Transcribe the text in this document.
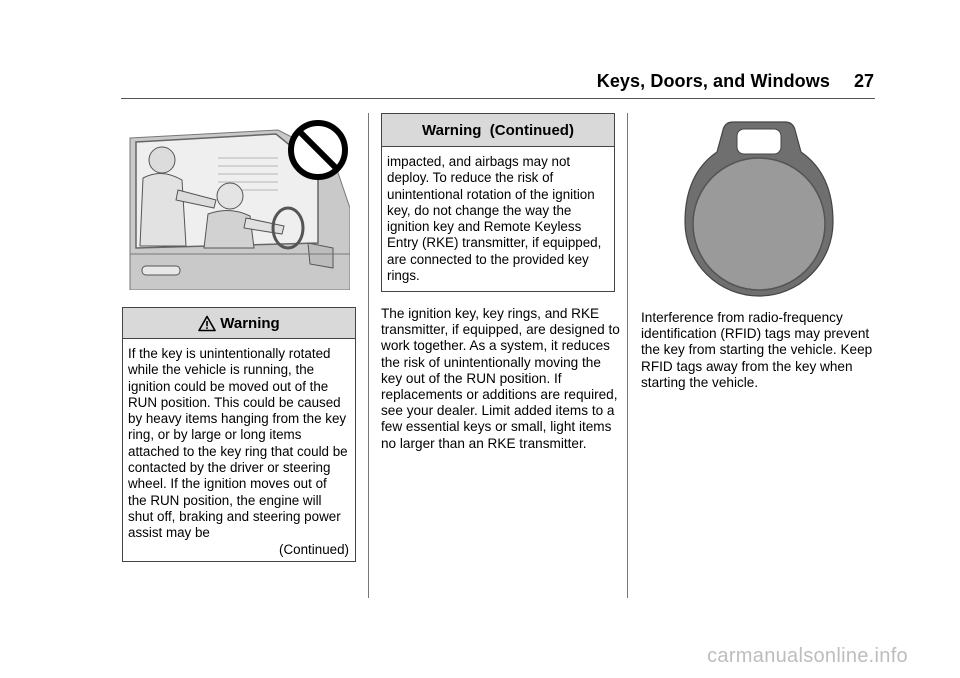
Keys, Doors, and Windows 27
Warning
If the key is unintentionally rotated while the vehicle is running, the ignition could be moved out of the RUN position. This could be caused by heavy items hanging from the key ring, or by large or long items attached to the key ring that could be contacted by the driver or steering wheel. If the ignition moves out of the RUN position, the engine will shut off, braking and steering power assist may be
(Continued)
Warning  (Continued)
impacted, and airbags may not deploy. To reduce the risk of unintentional rotation of the ignition key, do not change the way the ignition key and Remote Keyless Entry (RKE) transmitter, if equipped, are connected to the provided key rings.

The ignition key, key rings, and RKE transmitter, if equipped, are designed to work together. As a system, it reduces the risk of unintentionally moving the key out of the RUN position. If replacements or additions are required, see your dealer. Limit added items to a few essential keys or small, light items no larger than an RKE transmitter.

Interference from radio-frequency identification (RFID) tags may prevent the key from starting the vehicle. Keep RFID tags away from the key when starting the vehicle.

carmanualsonline.info
